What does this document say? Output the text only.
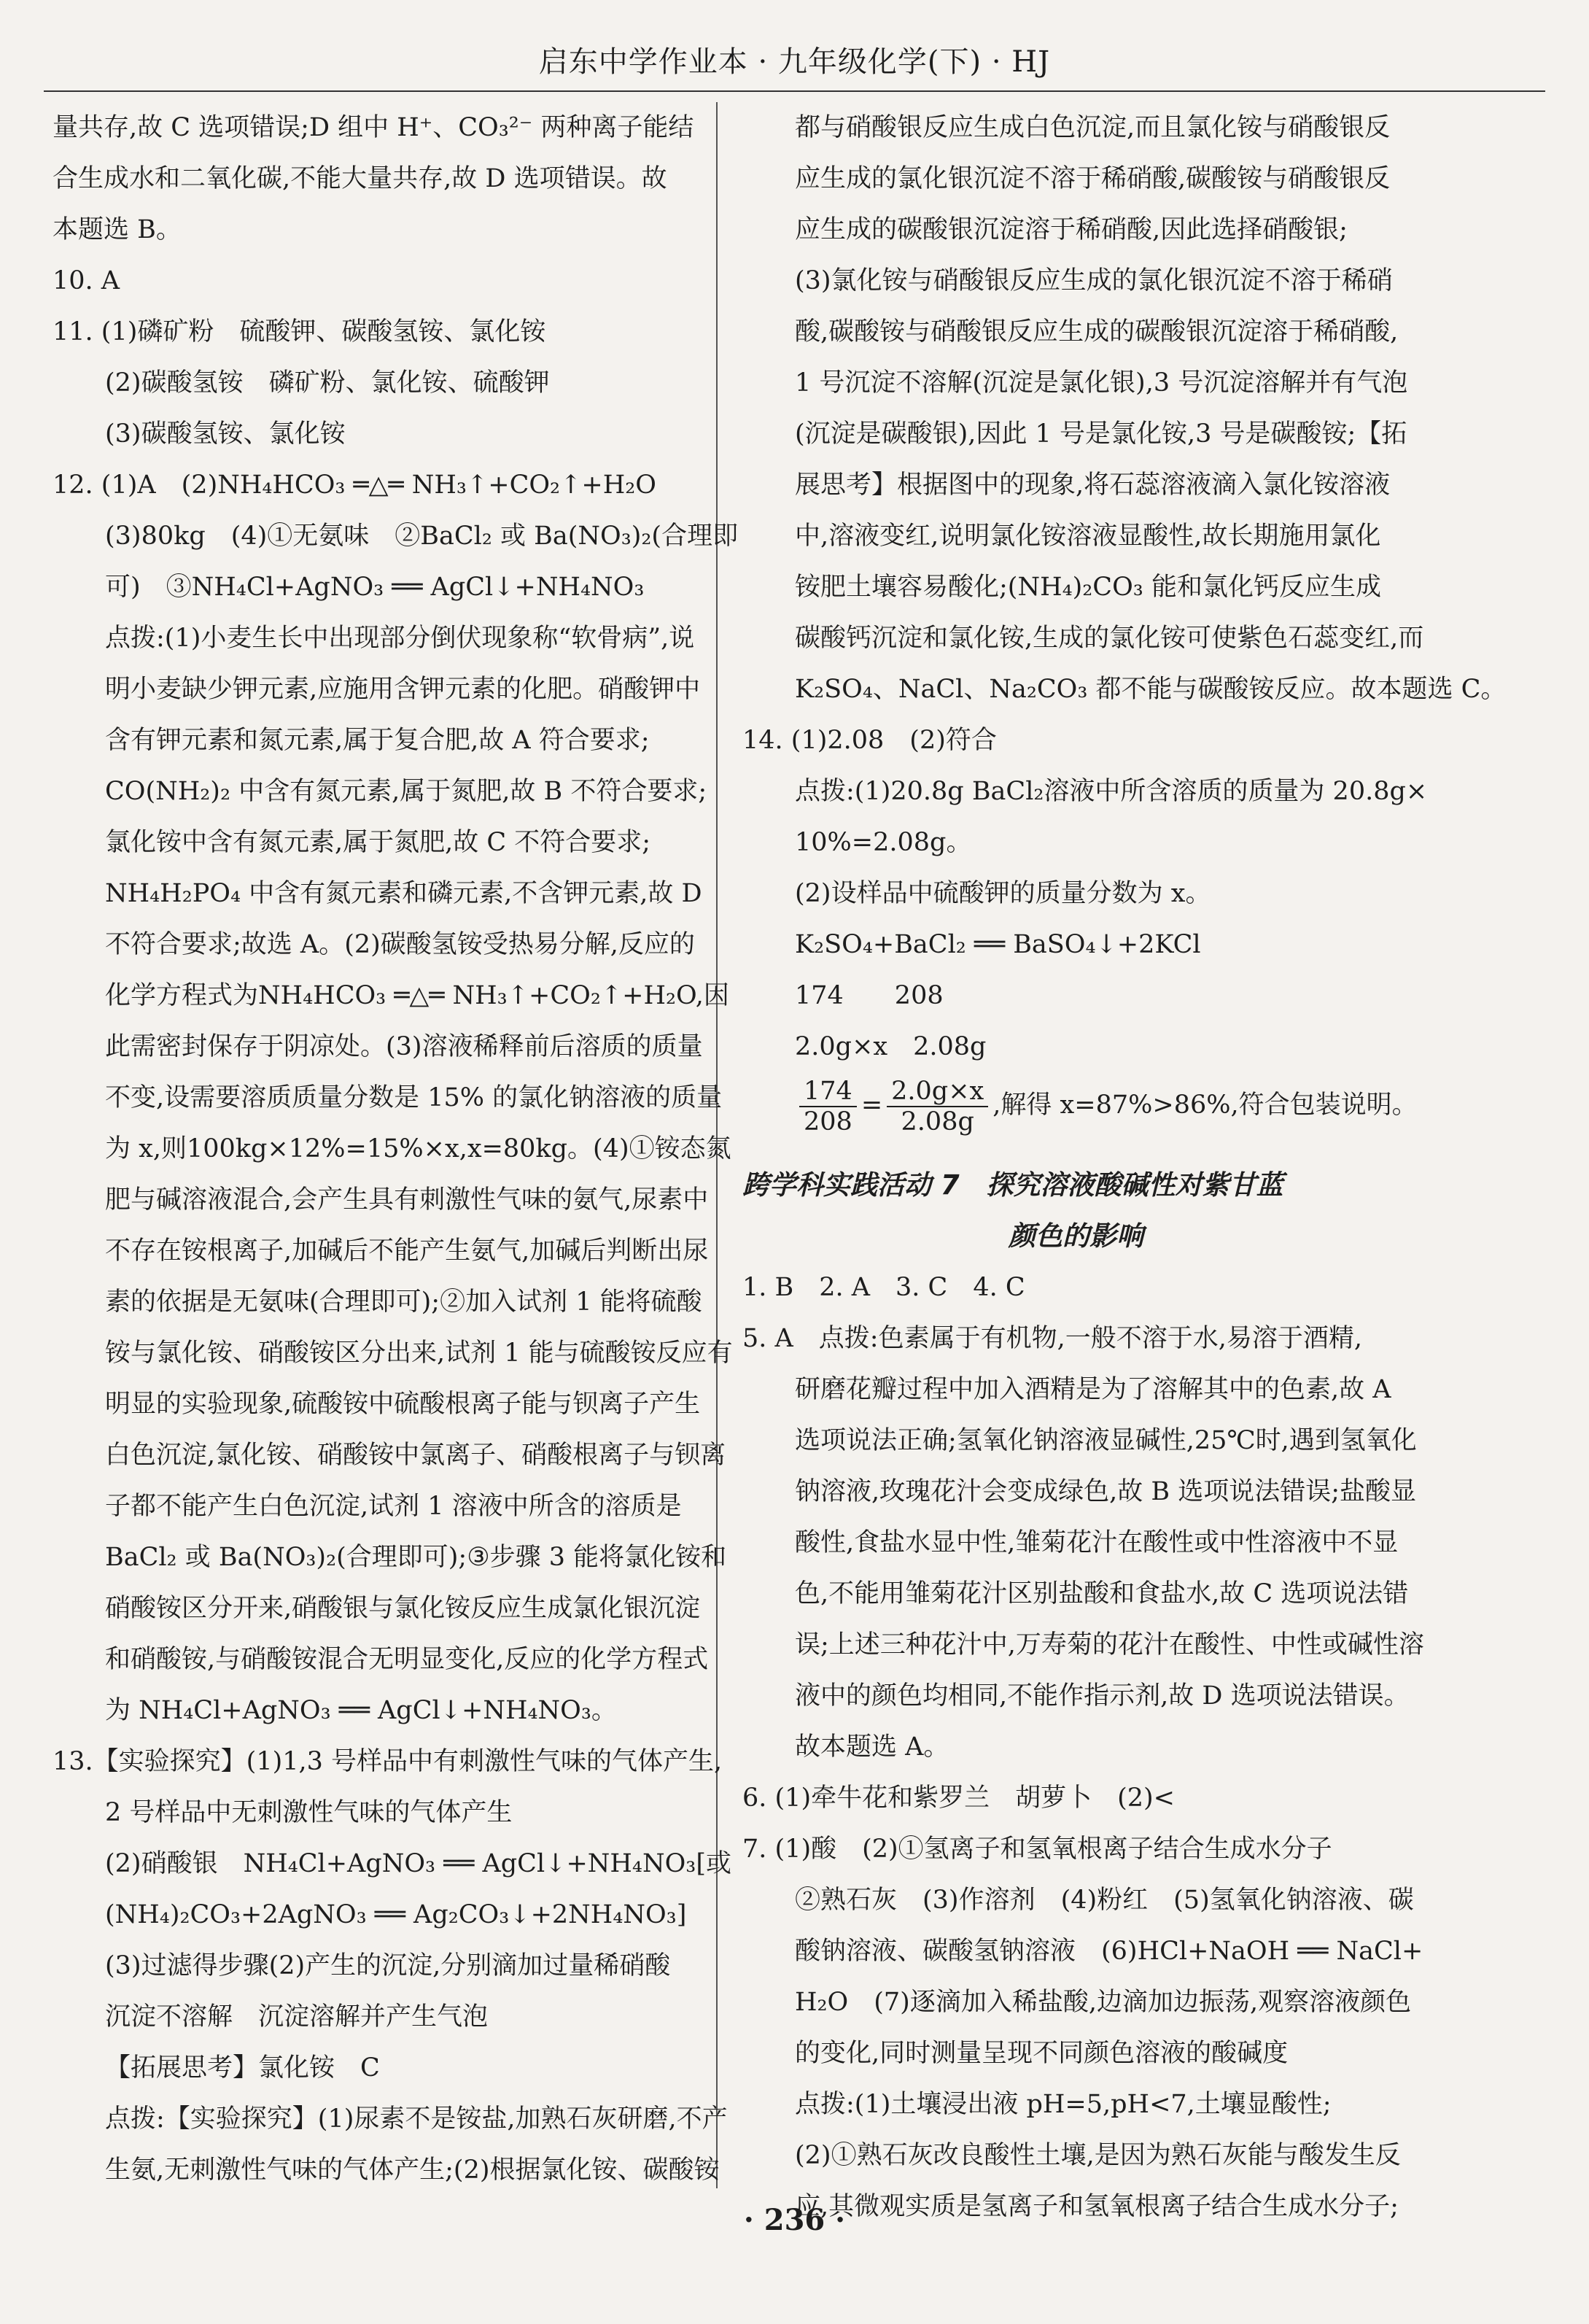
启东中学作业本 · 九年级化学(下) · HJ
量共存,故 C 选项错误;D 组中 H⁺、CO₃²⁻ 两种离子能结
合生成水和二氧化碳,不能大量共存,故 D 选项错误。故
本题选 B。
10. A
11. (1)磷矿粉　硫酸钾、碳酸氢铵、氯化铵
(2)碳酸氢铵　磷矿粉、氯化铵、硫酸钾
(3)碳酸氢铵、氯化铵
12. (1)A　(2)NH₄HCO₃ ═△═ NH₃↑+CO₂↑+H₂O
(3)80kg　(4)①无氨味　②BaCl₂ 或 Ba(NO₃)₂(合理即
可)　③NH₄Cl+AgNO₃ ══ AgCl↓+NH₄NO₃
点拨:(1)小麦生长中出现部分倒伏现象称“软骨病”,说
明小麦缺少钾元素,应施用含钾元素的化肥。硝酸钾中
含有钾元素和氮元素,属于复合肥,故 A 符合要求;
CO(NH₂)₂ 中含有氮元素,属于氮肥,故 B 不符合要求;
氯化铵中含有氮元素,属于氮肥,故 C 不符合要求;
NH₄H₂PO₄ 中含有氮元素和磷元素,不含钾元素,故 D
不符合要求;故选 A。(2)碳酸氢铵受热易分解,反应的
化学方程式为NH₄HCO₃ ═△═ NH₃↑+CO₂↑+H₂O,因
此需密封保存于阴凉处。(3)溶液稀释前后溶质的质量
不变,设需要溶质质量分数是 15% 的氯化钠溶液的质量
为 x,则100kg×12%=15%×x,x=80kg。(4)①铵态氮
肥与碱溶液混合,会产生具有刺激性气味的氨气,尿素中
不存在铵根离子,加碱后不能产生氨气,加碱后判断出尿
素的依据是无氨味(合理即可);②加入试剂 1 能将硫酸
铵与氯化铵、硝酸铵区分出来,试剂 1 能与硫酸铵反应有
明显的实验现象,硫酸铵中硫酸根离子能与钡离子产生
白色沉淀,氯化铵、硝酸铵中氯离子、硝酸根离子与钡离
子都不能产生白色沉淀,试剂 1 溶液中所含的溶质是
BaCl₂ 或 Ba(NO₃)₂(合理即可);③步骤 3 能将氯化铵和
硝酸铵区分开来,硝酸银与氯化铵反应生成氯化银沉淀
和硝酸铵,与硝酸铵混合无明显变化,反应的化学方程式
为 NH₄Cl+AgNO₃ ══ AgCl↓+NH₄NO₃。
13.【实验探究】(1)1,3 号样品中有刺激性气味的气体产生,
2 号样品中无刺激性气味的气体产生
(2)硝酸银　NH₄Cl+AgNO₃ ══ AgCl↓+NH₄NO₃[或
(NH₄)₂CO₃+2AgNO₃ ══ Ag₂CO₃↓+2NH₄NO₃]
(3)过滤得步骤(2)产生的沉淀,分别滴加过量稀硝酸
沉淀不溶解　沉淀溶解并产生气泡
【拓展思考】氯化铵　C
点拨:【实验探究】(1)尿素不是铵盐,加熟石灰研磨,不产
生氨,无刺激性气味的气体产生;(2)根据氯化铵、碳酸铵
都与硝酸银反应生成白色沉淀,而且氯化铵与硝酸银反
应生成的氯化银沉淀不溶于稀硝酸,碳酸铵与硝酸银反
应生成的碳酸银沉淀溶于稀硝酸,因此选择硝酸银;
(3)氯化铵与硝酸银反应生成的氯化银沉淀不溶于稀硝
酸,碳酸铵与硝酸银反应生成的碳酸银沉淀溶于稀硝酸,
1 号沉淀不溶解(沉淀是氯化银),3 号沉淀溶解并有气泡
(沉淀是碳酸银),因此 1 号是氯化铵,3 号是碳酸铵;【拓
展思考】根据图中的现象,将石蕊溶液滴入氯化铵溶液
中,溶液变红,说明氯化铵溶液显酸性,故长期施用氯化
铵肥土壤容易酸化;(NH₄)₂CO₃ 能和氯化钙反应生成
碳酸钙沉淀和氯化铵,生成的氯化铵可使紫色石蕊变红,而
K₂SO₄、NaCl、Na₂CO₃ 都不能与碳酸铵反应。故本题选 C。
14. (1)2.08　(2)符合
点拨:(1)20.8g BaCl₂溶液中所含溶质的质量为 20.8g×
10%=2.08g。
(2)设样品中硫酸钾的质量分数为 x。
K₂SO₄+BaCl₂ ══ BaSO₄↓+2KCl
174　　208
2.0g×x　2.08g
$\frac{174}{208} = \frac{2.0g\times x}{2.08g}$ ,解得 x=87%>86%,符合包装说明。
跨学科实践活动 7　探究溶液酸碱性对紫甘蓝
颜色的影响
1. B　2. A　3. C　4. C
5. A　点拨:色素属于有机物,一般不溶于水,易溶于酒精,
研磨花瓣过程中加入酒精是为了溶解其中的色素,故 A
选项说法正确;氢氧化钠溶液显碱性,25℃时,遇到氢氧化
钠溶液,玫瑰花汁会变成绿色,故 B 选项说法错误;盐酸显
酸性,食盐水显中性,雏菊花汁在酸性或中性溶液中不显
色,不能用雏菊花汁区别盐酸和食盐水,故 C 选项说法错
误;上述三种花汁中,万寿菊的花汁在酸性、中性或碱性溶
液中的颜色均相同,不能作指示剂,故 D 选项说法错误。
故本题选 A。
6. (1)牵牛花和紫罗兰　胡萝卜　(2)<
7. (1)酸　(2)①氢离子和氢氧根离子结合生成水分子
②熟石灰　(3)作溶剂　(4)粉红　(5)氢氧化钠溶液、碳
酸钠溶液、碳酸氢钠溶液　(6)HCl+NaOH ══ NaCl+
H₂O　(7)逐滴加入稀盐酸,边滴加边振荡,观察溶液颜色
的变化,同时测量呈现不同颜色溶液的酸碱度
点拨:(1)土壤浸出液 pH=5,pH<7,土壤显酸性;
(2)①熟石灰改良酸性土壤,是因为熟石灰能与酸发生反
应,其微观实质是氢离子和氢氧根离子结合生成水分子;
· 236 ·
